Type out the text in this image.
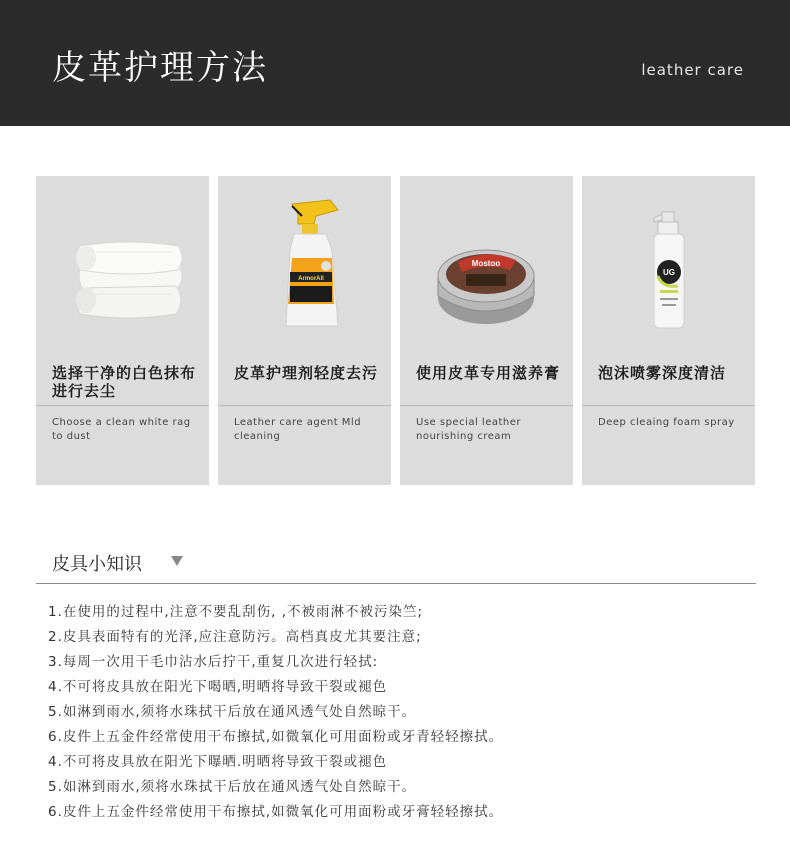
皮革护理方法	leather care
选择干净的白色抹布进行去尘
Choose a clean white rag to dust
ArmorAll
皮革护理剂轻度去污
Leather care agent Mld cleaning
Mostoo
使用皮革专用滋养膏
Use special leather nourishing cream
UG
泡沫喷雾深度清洁
Deep cleaing foam spray
皮具小知识
1.在使用的过程中,注意不要乱刮伤, ,不被雨淋不被污染竺;
2.皮具表面特有的光泽,应注意防污。高档真皮尤其要注意;
3.每周一次用干毛巾沾水后拧干,重复几次进行轻拭:
4.不可将皮具放在阳光下喝晒,明晒将导致干裂或褪色
5.如淋到雨水,须将水珠拭干后放在通风透气处自然晾干。
6.皮件上五金件经常使用干布擦拭,如微氧化可用面粉或牙青轻轻擦拭。
4.不可将皮具放在阳光下曝晒.明晒将导致干裂或褪色
5.如淋到雨水,须将水珠拭干后放在通风透气处自然晾干。
6.皮件上五金件经常使用干布擦拭,如微氧化可用面粉或牙膏轻轻擦拭。
